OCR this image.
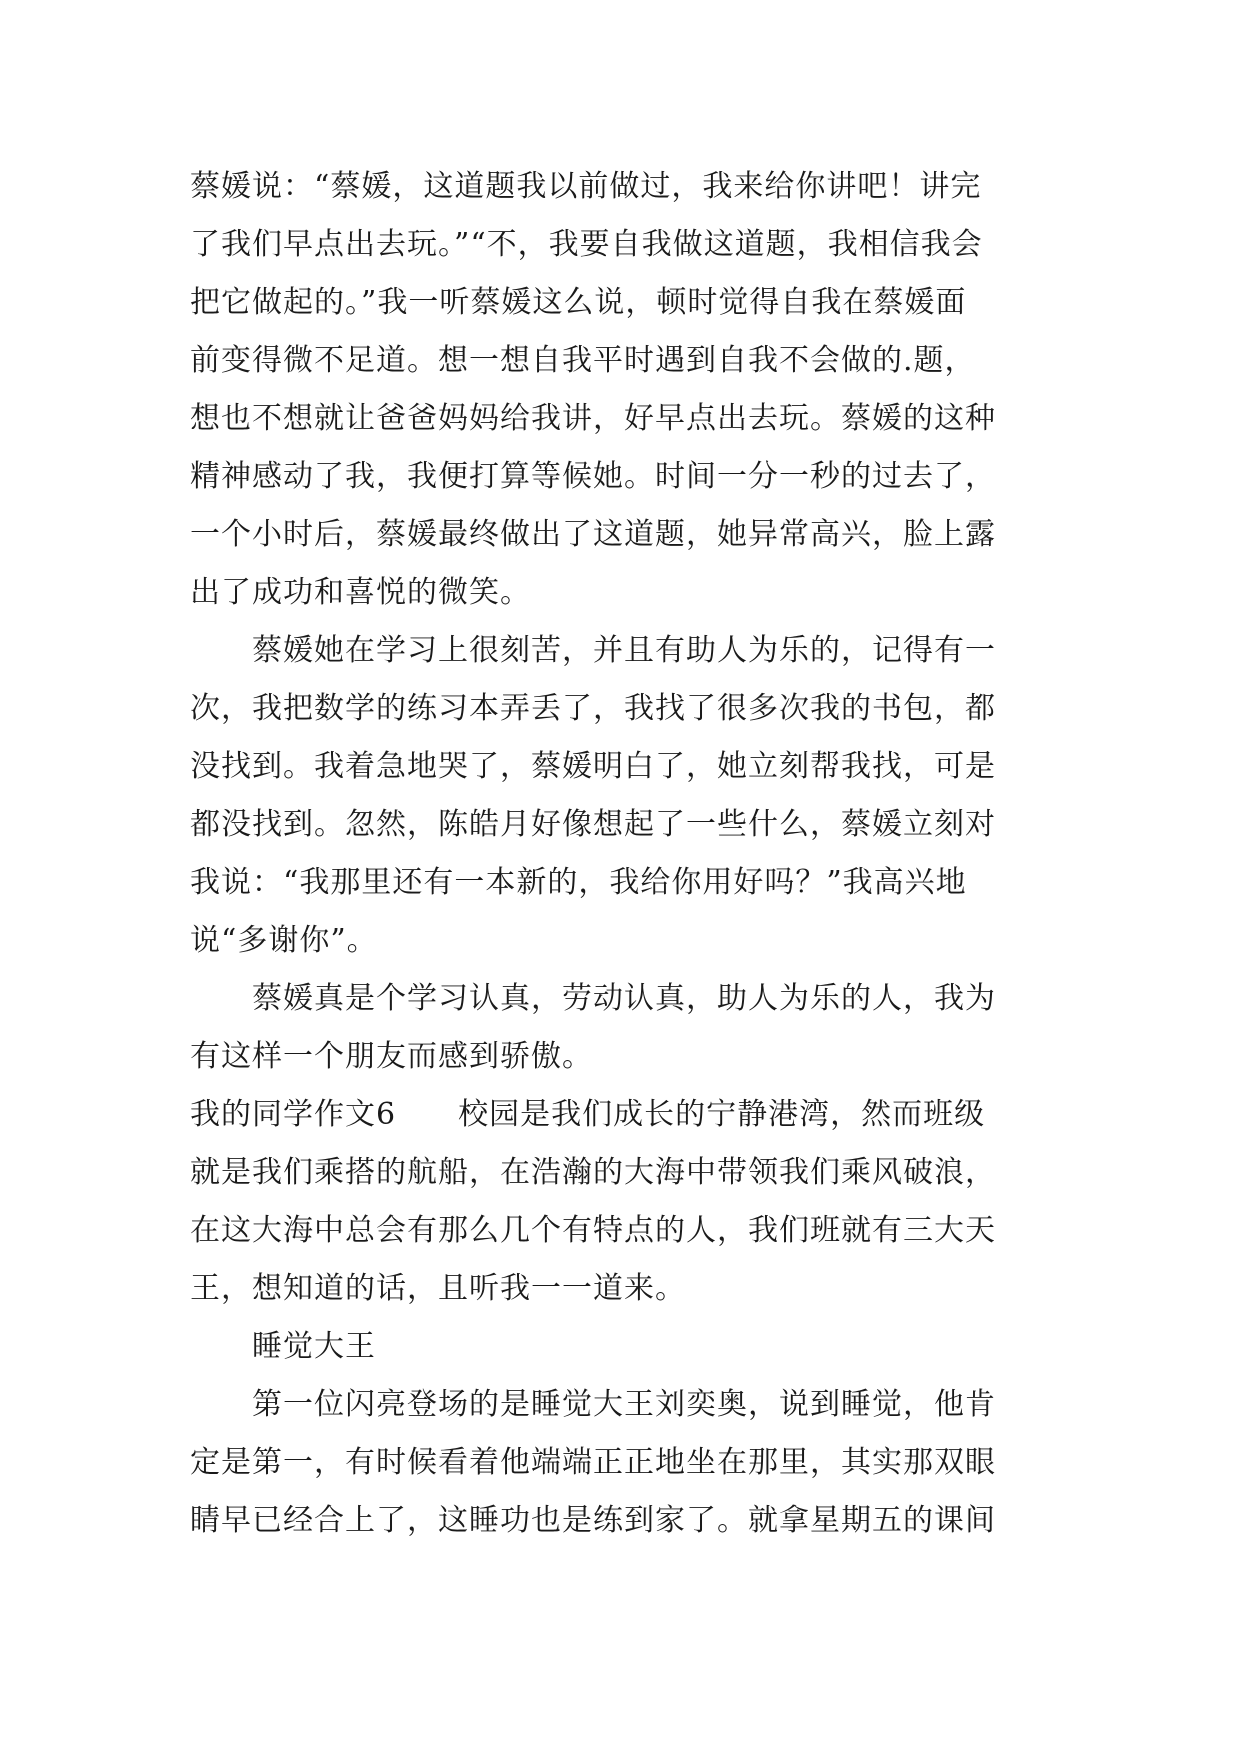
蔡媛说：“蔡媛，这道题我以前做过，我来给你讲吧！讲完
了我们早点出去玩。”“不，我要自我做这道题，我相信我会
把它做起的。”我一听蔡媛这么说，顿时觉得自我在蔡媛面
前变得微不足道。想一想自我平时遇到自我不会做的.题，
想也不想就让爸爸妈妈给我讲，好早点出去玩。蔡媛的这种
精神感动了我，我便打算等候她。时间一分一秒的过去了，
一个小时后，蔡媛最终做出了这道题，她异常高兴，脸上露
出了成功和喜悦的微笑。
蔡媛她在学习上很刻苦，并且有助人为乐的，记得有一
次，我把数学的练习本弄丢了，我找了很多次我的书包，都
没找到。我着急地哭了，蔡媛明白了，她立刻帮我找，可是
都没找到。忽然，陈皓月好像想起了一些什么，蔡媛立刻对
我说：“我那里还有一本新的，我给你用好吗？”我高兴地
说“多谢你”。
蔡媛真是个学习认真，劳动认真，助人为乐的人，我为
有这样一个朋友而感到骄傲。
我的同学作文6　　校园是我们成长的宁静港湾，然而班级
就是我们乘搭的航船，在浩瀚的大海中带领我们乘风破浪，
在这大海中总会有那么几个有特点的人，我们班就有三大天
王，想知道的话，且听我一一道来。
睡觉大王
第一位闪亮登场的是睡觉大王刘奕奥，说到睡觉，他肯
定是第一，有时候看着他端端正正地坐在那里，其实那双眼
睛早已经合上了，这睡功也是练到家了。就拿星期五的课间
